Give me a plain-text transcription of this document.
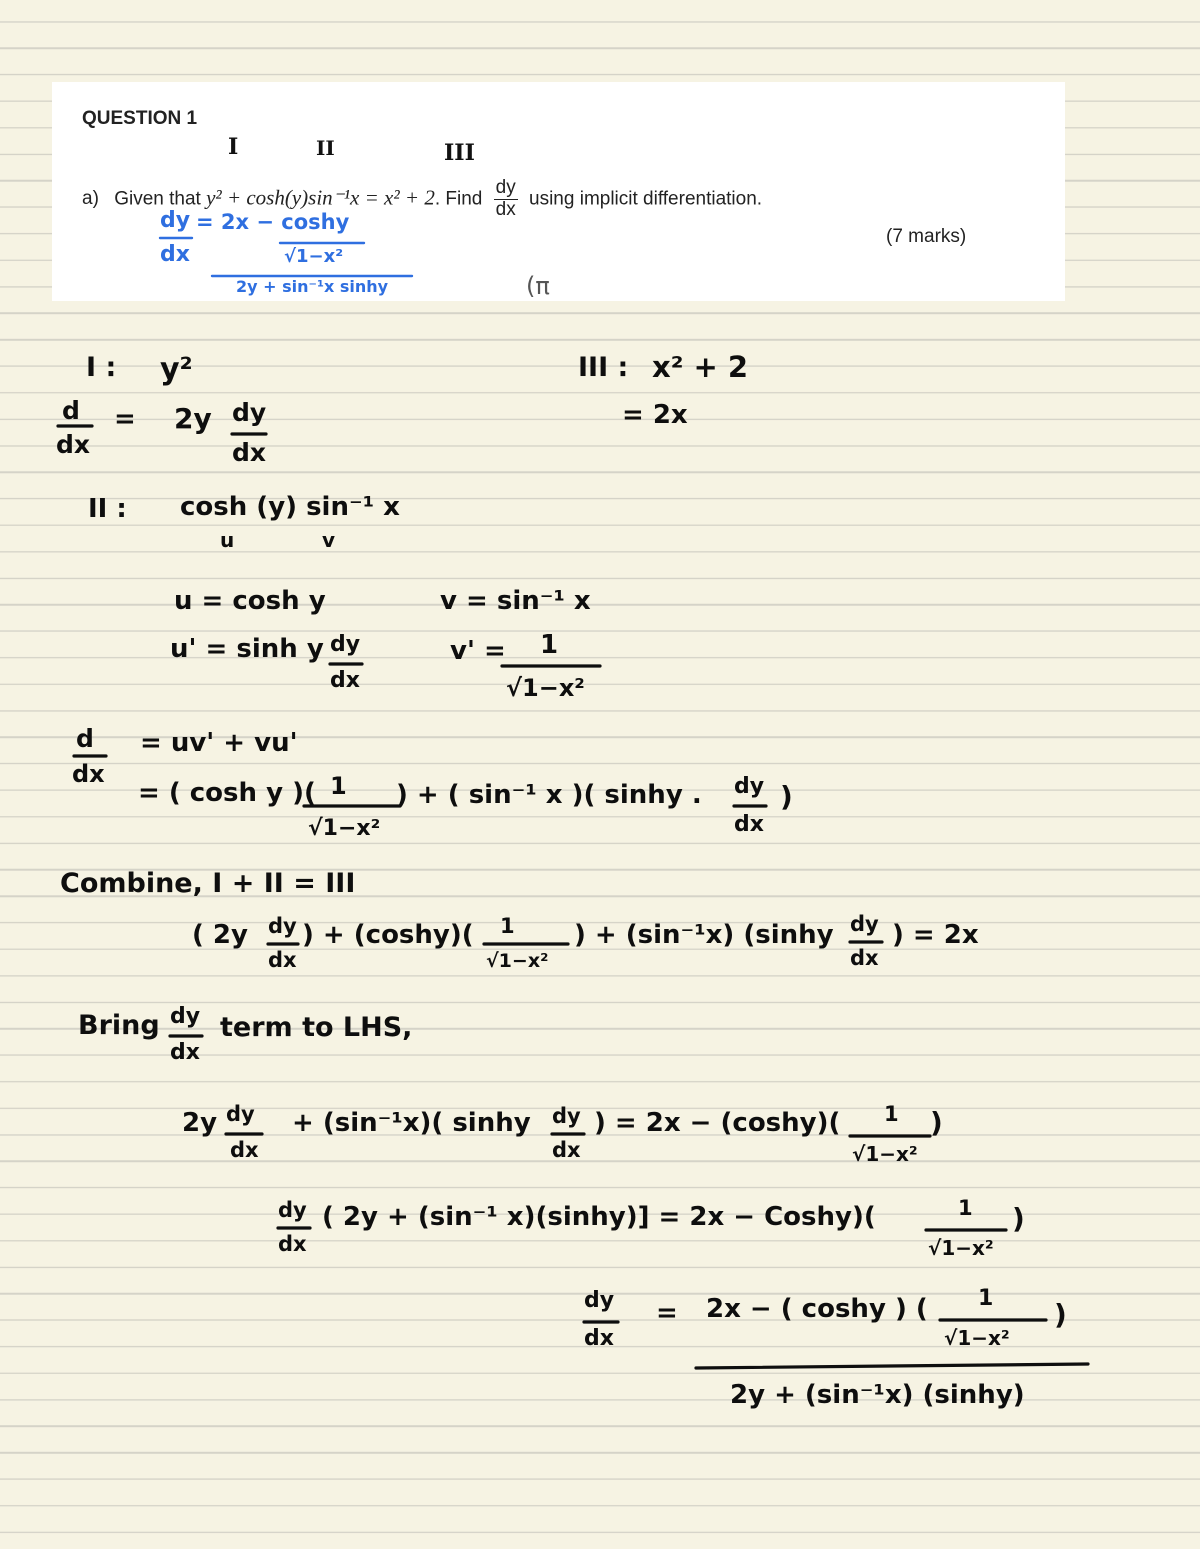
QUESTION 1
I	II	III
a) Given that y² + cosh(y)sin⁻¹x = x² + 2. Find $\frac{dy}{dx}$ using implicit differentiation.
(7 marks)
dy = 2x − coshy
dx	√1−x²
2y + sin⁻¹x sinhy	(π
I : y²
d
dx
= 2y dy
dx
III : x² + 2
= 2x
II : cosh (y) sin⁻¹ x
u	v
u = cosh y	v = sin⁻¹ x
u' = sinh y dy
dx
v' = 1
√1−x²
d
dx
= uv' + vu'
= ( cosh y )( 1
√1−x²
) + ( sin⁻¹ x )( sinhy . dy
dx
)
Combine, I + II = III
( 2y dy
dx
) + (coshy)( 1
√1−x²
) + (sin⁻¹x) (sinhy dy
dx
) = 2x
Bring dy
dx
term to LHS,
2y dy
dx
+ (sin⁻¹x)( sinhy dy
dx
) = 2x − (coshy)( 1
√1−x²
)
dy
dx
( 2y + (sin⁻¹ x)(sinhy)] = 2x − Coshy)(	1
√1−x²
)
dy
dx
= 2x − ( coshy ) ( 1
√1−x²
)
2y + (sin⁻¹x) (sinhy)
